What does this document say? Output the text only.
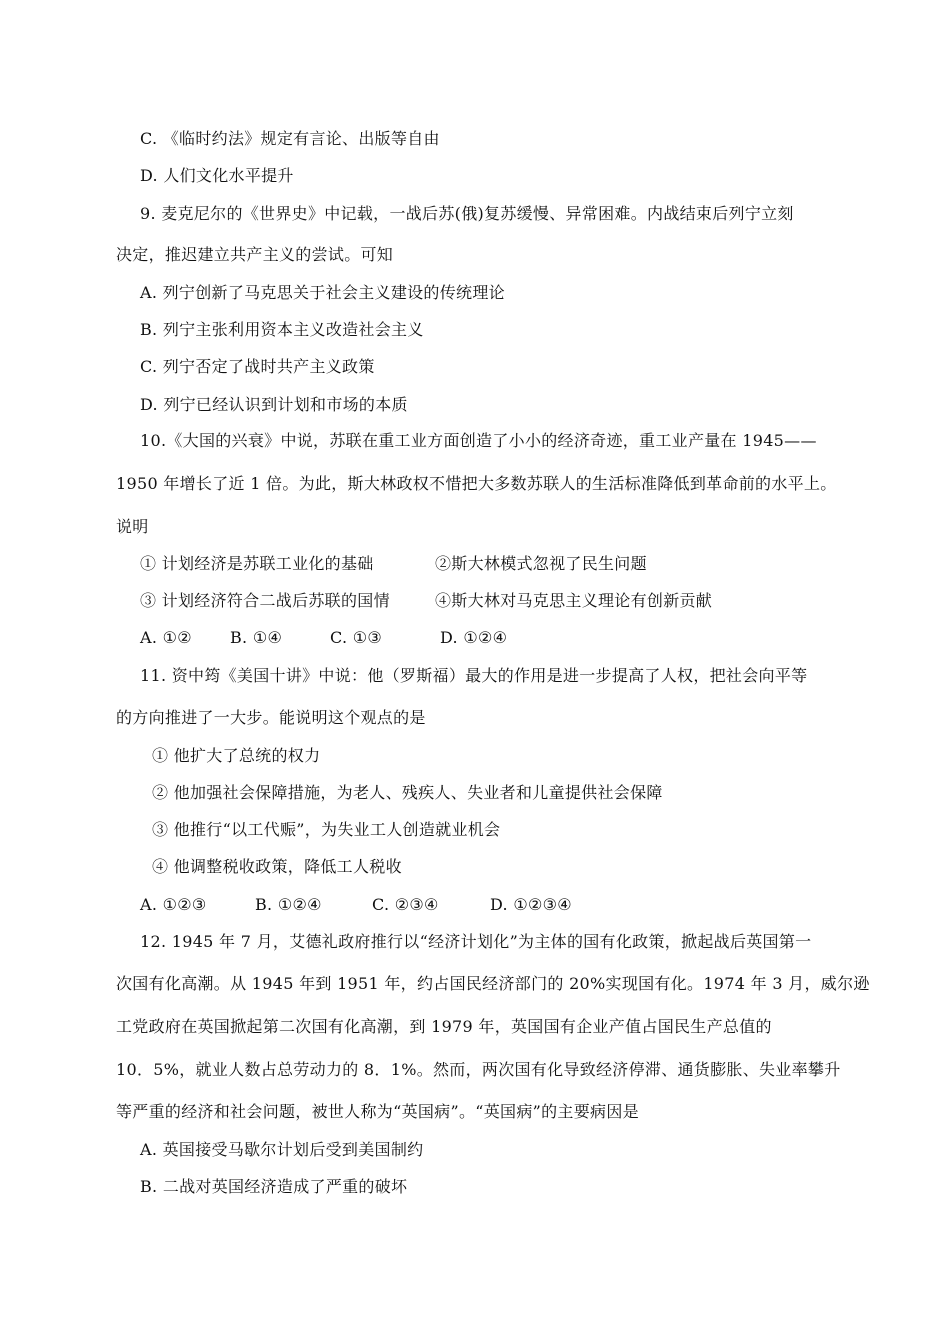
C. 《临时约法》规定有言论、出版等自由
D. 人们文化水平提升
9. 麦克尼尔的《世界史》中记载，一战后苏(俄)复苏缓慢、异常困难。内战结束后列宁立刻
决定，推迟建立共产主义的尝试。可知
A. 列宁创新了马克思关于社会主义建设的传统理论
B. 列宁主张利用资本主义改造社会主义
C. 列宁否定了战时共产主义政策
D. 列宁已经认识到计划和市场的本质
10.《大国的兴衰》中说，苏联在重工业方面创造了小小的经济奇迹，重工业产量在 1945——
1950 年增长了近 1 倍。为此，斯大林政权不惜把大多数苏联人的生活标准降低到革命前的水平上。
说明
① 计划经济是苏联工业化的基础	②斯大林模式忽视了民生问题
③ 计划经济符合二战后苏联的国情	④斯大林对马克思主义理论有创新贡献
A. ①② B. ①④	C. ①③	D. ①②④
11. 资中筠《美国十讲》中说：他（罗斯福）最大的作用是进一步提高了人权，把社会向平等
的方向推进了一大步。能说明这个观点的是
① 他扩大了总统的权力
② 他加强社会保障措施，为老人、残疾人、失业者和儿童提供社会保障
③ 他推行“以工代赈”，为失业工人创造就业机会
④ 他调整税收政策，降低工人税收
A. ①②③	B. ①②④	C. ②③④	D. ①②③④
12. 1945 年 7 月，艾德礼政府推行以“经济计划化”为主体的国有化政策，掀起战后英国第一
次国有化高潮。从 1945 年到 1951 年，约占国民经济部门的 20%实现国有化。1974 年 3 月，威尔逊
工党政府在英国掀起第二次国有化高潮，到 1979 年，英国国有企业产值占国民生产总值的
10．5%，就业人数占总劳动力的 8．1%。然而，两次国有化导致经济停滞、通货膨胀、失业率攀升
等严重的经济和社会问题，被世人称为“英国病”。“英国病”的主要病因是
A. 英国接受马歇尔计划后受到美国制约
B. 二战对英国经济造成了严重的破坏
